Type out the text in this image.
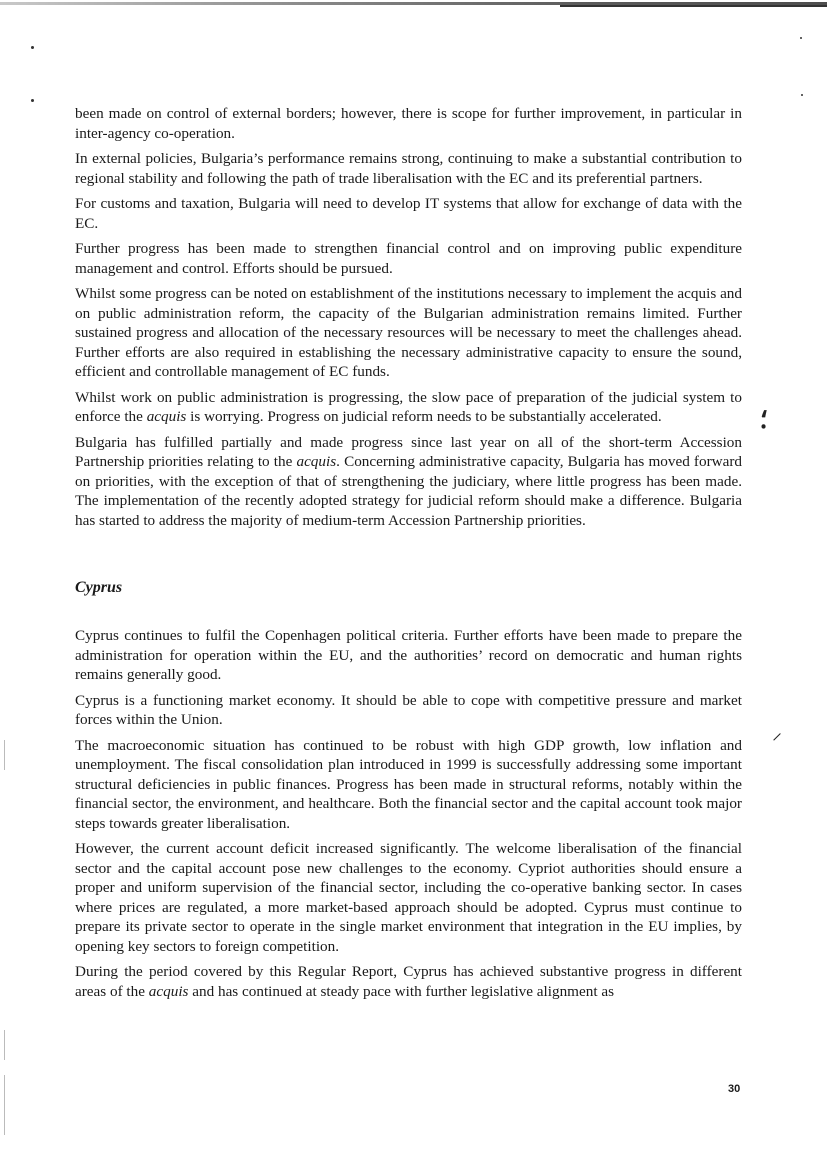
⸵
⸝

been made on control of external borders; however, there is scope for further improvement, in particular in inter-agency co-operation.

In external policies, Bulgaria’s performance remains strong, continuing to make a substantial contribution to regional stability and following the path of trade liberalisation with the EC and its preferential partners.

For customs and taxation, Bulgaria will need to develop IT systems that allow for exchange of data with the EC.

Further progress has been made to strengthen financial control and on improving public expenditure management and control. Efforts should be pursued.

Whilst some progress can be noted on establishment of the institutions necessary to implement the acquis and on public administration reform, the capacity of the Bulgarian administration remains limited. Further sustained progress and allocation of the necessary resources will be necessary to meet the challenges ahead. Further efforts are also required in establishing the necessary administrative capacity to ensure the sound, efficient and controllable management of EC funds.

Whilst work on public administration is progressing, the slow pace of preparation of the judicial system to enforce the acquis is worrying. Progress on judicial reform needs to be substantially accelerated.

Bulgaria has fulfilled partially and made progress since last year on all of the short-term Accession Partnership priorities relating to the acquis. Concerning administrative capacity, Bulgaria has moved forward on priorities, with the exception of that of strengthening the judiciary, where little progress has been made. The implementation of the recently adopted strategy for judicial reform should make a difference. Bulgaria has started to address the majority of medium-term Accession Partnership priorities.

Cyprus

Cyprus continues to fulfil the Copenhagen political criteria. Further efforts have been made to prepare the administration for operation within the EU, and the authorities’ record on democratic and human rights remains generally good.

Cyprus is a functioning market economy. It should be able to cope with competitive pressure and market forces within the Union.

The macroeconomic situation has continued to be robust with high GDP growth, low inflation and unemployment. The fiscal consolidation plan introduced in 1999 is successfully addressing some important structural deficiencies in public finances. Progress has been made in structural reforms, notably within the financial sector, the environment, and healthcare. Both the financial sector and the capital account took major steps towards greater liberalisation.

However, the current account deficit increased significantly. The welcome liberalisation of the financial sector and the capital account pose new challenges to the economy. Cypriot authorities should ensure a proper and uniform supervision of the financial sector, including the co-operative banking sector. In cases where prices are regulated, a more market-based approach should be adopted. Cyprus must continue to prepare its private sector to operate in the single market environment that integration in the EU implies, by opening key sectors to foreign competition.

During the period covered by this Regular Report, Cyprus has achieved substantive progress in different areas of the acquis and has continued at steady pace with further legislative alignment as

30
